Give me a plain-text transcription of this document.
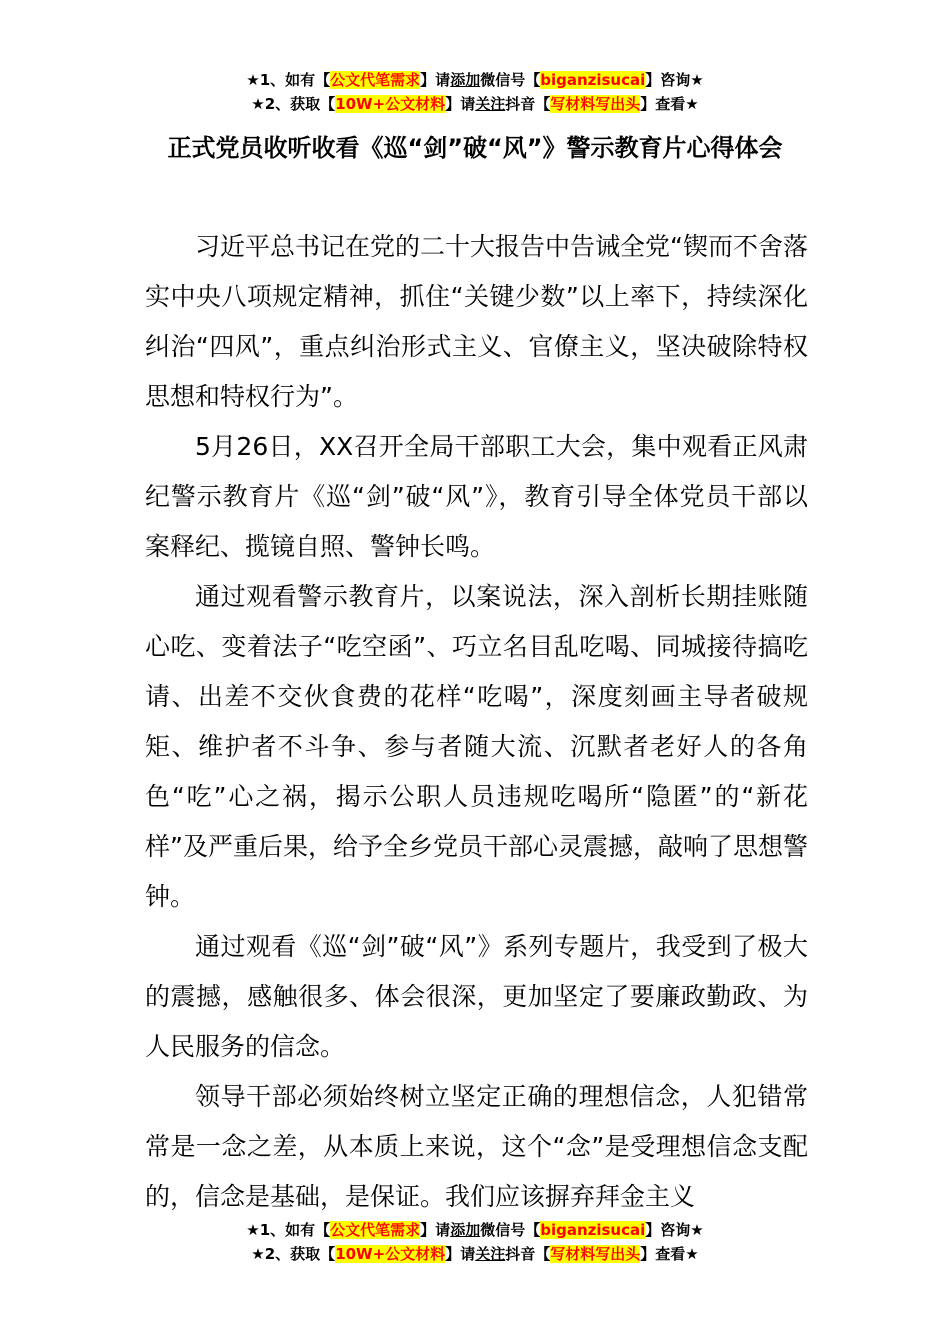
★1、如有【公文代笔需求】请添加微信号【biganzisucai】咨询★
★2、获取【10W+公文材料】请关注抖音【写材料写出头】查看★
正式党员收听收看《巡“剑”破“风”》警示教育片心得体会

习近平总书记在党的二十大报告中告诫全党“锲而不舍落实中央八项规定精神，抓住“关键少数”以上率下，持续深化纠治“四风”，重点纠治形式主义、官僚主义，坚决破除特权思想和特权行为”。

5月26日，XX召开全局干部职工大会，集中观看正风肃纪警示教育片《巡“剑”破“风”》，教育引导全体党员干部以案释纪、揽镜自照、警钟长鸣。

通过观看警示教育片，以案说法，深入剖析长期挂账随心吃、变着法子“吃空函”、巧立名目乱吃喝、同城接待搞吃请、出差不交伙食费的花样“吃喝”，深度刻画主导者破规矩、维护者不斗争、参与者随大流、沉默者老好人的各角色“吃”心之祸，揭示公职人员违规吃喝所“隐匿”的“新花样”及严重后果，给予全乡党员干部心灵震撼，敲响了思想警钟。

通过观看《巡“剑”破“风”》系列专题片，我受到了极大的震撼，感触很多、体会很深，更加坚定了要廉政勤政、为人民服务的信念。

领导干部必须始终树立坚定正确的理想信念，人犯错常常是一念之差，从本质上来说，这个“念”是受理想信念支配的，信念是基础，是保证。我们应该摒弃拜金主义

★1、如有【公文代笔需求】请添加微信号【biganzisucai】咨询★
★2、获取【10W+公文材料】请关注抖音【写材料写出头】查看★
